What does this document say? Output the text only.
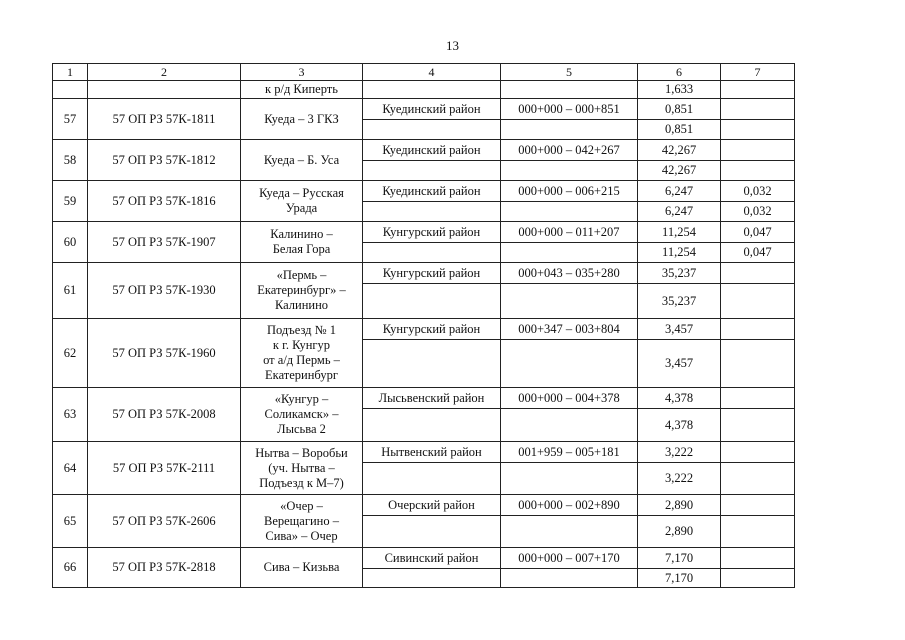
13
1	2	3	4	5	6	7
		к р/д Киперть			1,633	
57	57 ОП РЗ 57К-1811	Куеда – 3 ГКЗ	Куединский район	000+000 – 000+851	0,851	
					0,851	
58	57 ОП РЗ 57К-1812	Куеда – Б. Уса	Куединский район	000+000 – 042+267	42,267	
					42,267	
59	57 ОП РЗ 57К-1816	Куеда – Русская
Урада	Куединский район	000+000 – 006+215	6,247	0,032
					6,247	0,032
60	57 ОП РЗ 57К-1907	Калинино –
Белая Гора	Кунгурский район	000+000 – 011+207	11,254	0,047
					11,254	0,047
61	57 ОП РЗ 57К-1930	«Пермь –
Екатеринбург» –
Калинино	Кунгурский район	000+043 – 035+280	35,237	
					35,237	
62	57 ОП РЗ 57К-1960	Подъезд № 1
к г. Кунгур
от а/д Пермь –
Екатеринбург	Кунгурский район	000+347 – 003+804	3,457	
					3,457	
63	57 ОП РЗ 57К-2008	«Кунгур –
Соликамск» –
Лысьва 2	Лысьвенский район	000+000 – 004+378	4,378	
					4,378	
64	57 ОП РЗ 57К-2111	Нытва – Воробьи
(уч. Нытва –
Подъезд к М–7)	Нытвенский район	001+959 – 005+181	3,222	
					3,222	
65	57 ОП РЗ 57К-2606	«Очер –
Верещагино –
Сива» – Очер	Очерский район	000+000 – 002+890	2,890	
					2,890	
66	57 ОП РЗ 57К-2818	Сива – Кизьва	Сивинский район	000+000 – 007+170	7,170	
					7,170	
